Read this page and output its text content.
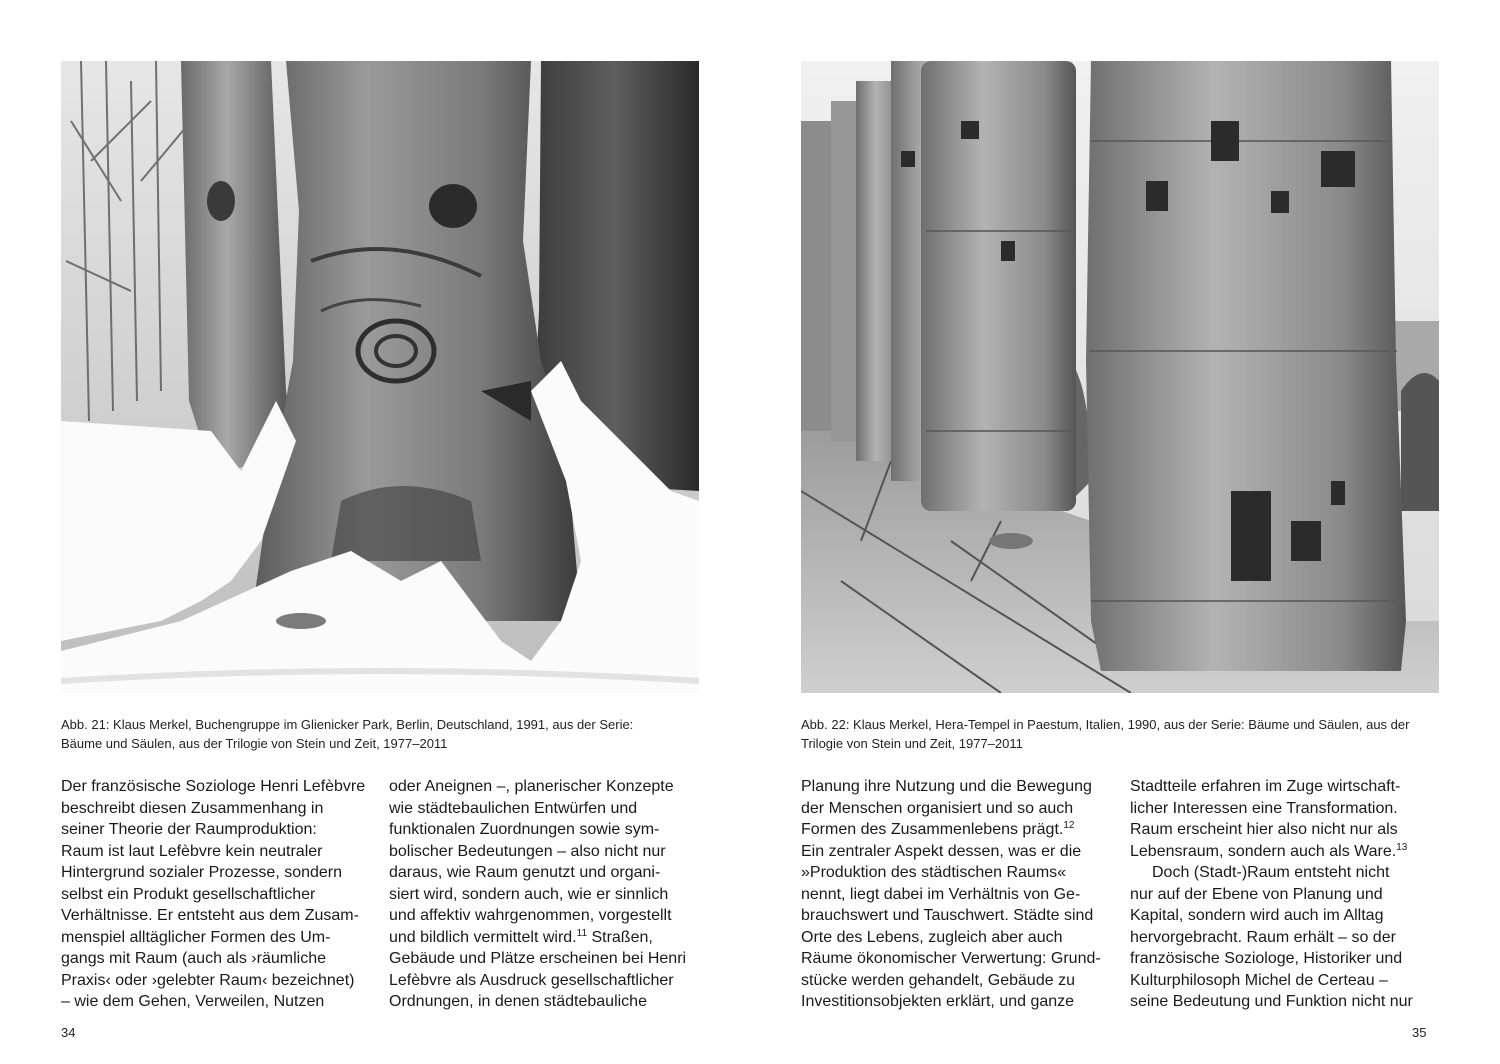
Abb. 21: Klaus Merkel, Buchengruppe im Glienicker Park, Berlin, Deutschland, 1991, aus der Serie:
Bäume und Säulen, aus der Trilogie von Stein und Zeit, 1977–2011
Der französische Soziologe Henri Lefèbvre
beschreibt diesen Zusammenhang in
seiner Theorie der Raumproduktion:
Raum ist laut Lefèbvre kein neutraler
Hintergrund sozialer Prozesse, sondern
selbst ein Produkt gesellschaftlicher
Verhältnisse. Er entsteht aus dem Zusam-
menspiel alltäglicher Formen des Um-
gangs mit Raum (auch als ›räumliche
Praxis‹ oder ›gelebter Raum‹ bezeichnet)
– wie dem Gehen, Verweilen, Nutzen
oder Aneignen –, planerischer Konzepte
wie städtebaulichen Entwürfen und
funktionalen Zuordnungen sowie sym-
bolischer Bedeutungen – also nicht nur
daraus, wie Raum genutzt und organi-
siert wird, sondern auch, wie er sinnlich
und affektiv wahrgenommen, vorgestellt
und bildlich vermittelt wird.$^{11}$ Straßen,
Gebäude und Plätze erscheinen bei Henri
Lefèbvre als Ausdruck gesellschaftlicher
Ordnungen, in denen städtebauliche
34
Abb. 22: Klaus Merkel, Hera-Tempel in Paestum, Italien, 1990, aus der Serie: Bäume und Säulen, aus der
Trilogie von Stein und Zeit, 1977–2011
Planung ihre Nutzung und die Bewegung
der Menschen organisiert und so auch
Formen des Zusammenlebens prägt.$^{12}$
Ein zentraler Aspekt dessen, was er die
»Produktion des städtischen Raums«
nennt, liegt dabei im Verhältnis von Ge-
brauchswert und Tauschwert. Städte sind
Orte des Lebens, zugleich aber auch
Räume ökonomischer Verwertung: Grund-
stücke werden gehandelt, Gebäude zu
Investitionsobjekten erklärt, und ganze
Stadtteile erfahren im Zuge wirtschaft-
licher Interessen eine Transformation.
Raum erscheint hier also nicht nur als
Lebensraum, sondern auch als Ware.$^{13}$
Doch (Stadt-)Raum entsteht nicht
nur auf der Ebene von Planung und
Kapital, sondern wird auch im Alltag
hervorgebracht. Raum erhält – so der
französische Soziologe, Historiker und
Kulturphilosoph Michel de Certeau –
seine Bedeutung und Funktion nicht nur
35
